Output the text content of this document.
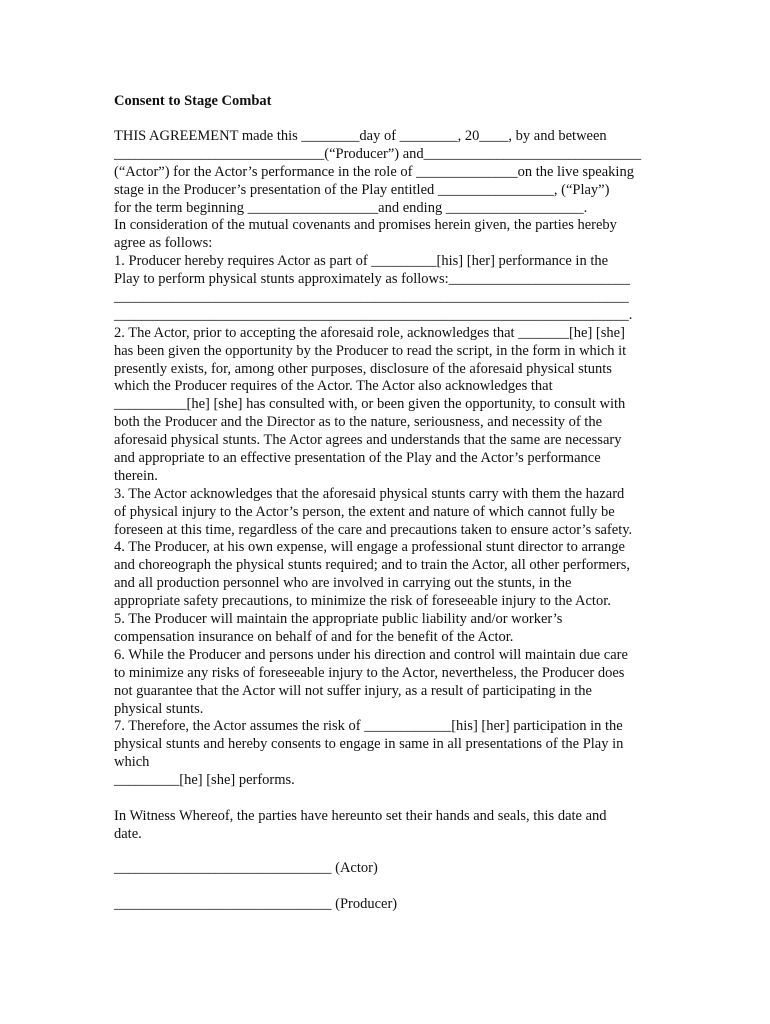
Consent to Stage Combat
THIS AGREEMENT made this ________day of ________, 20____, by and between
_____________________________(“Producer”) and______________________________
(“Actor”) for the Actor’s performance in the role of ______________on the live speaking
stage in the Producer’s presentation of the Play entitled ________________, (“Play”)
for the term beginning __________________and ending ___________________.
In consideration of the mutual covenants and promises herein given, the parties hereby
agree as follows:
1. Producer hereby requires Actor as part of _________[his] [her] performance in the
Play to perform physical stunts approximately as follows:_________________________
_______________________________________________________________________
_______________________________________________________________________.
2. The Actor, prior to accepting the aforesaid role, acknowledges that _______[he] [she]
has been given the opportunity by the Producer to read the script, in the form in which it
presently exists, for, among other purposes, disclosure of the aforesaid physical stunts
which the Producer requires of the Actor. The Actor also acknowledges that
__________[he] [she] has consulted with, or been given the opportunity, to consult with
both the Producer and the Director as to the nature, seriousness, and necessity of the
aforesaid physical stunts. The Actor agrees and understands that the same are necessary
and appropriate to an effective presentation of the Play and the Actor’s performance
therein.
3. The Actor acknowledges that the aforesaid physical stunts carry with them the hazard
of physical injury to the Actor’s person, the extent and nature of which cannot fully be
foreseen at this time, regardless of the care and precautions taken to ensure actor’s safety.
4. The Producer, at his own expense, will engage a professional stunt director to arrange
and choreograph the physical stunts required; and to train the Actor, all other performers,
and all production personnel who are involved in carrying out the stunts, in the
appropriate safety precautions, to minimize the risk of foreseeable injury to the Actor.
5. The Producer will maintain the appropriate public liability and/or worker’s
compensation insurance on behalf of and for the benefit of the Actor.
6. While the Producer and persons under his direction and control will maintain due care
to minimize any risks of foreseeable injury to the Actor, nevertheless, the Producer does
not guarantee that the Actor will not suffer injury, as a result of participating in the
physical stunts.
7. Therefore, the Actor assumes the risk of ____________[his] [her] participation in the
physical stunts and hereby consents to engage in same in all presentations of the Play in
which
_________[he] [she] performs.
In Witness Whereof, the parties have hereunto set their hands and seals, this date and
date.
______________________________ (Actor)
______________________________ (Producer)
